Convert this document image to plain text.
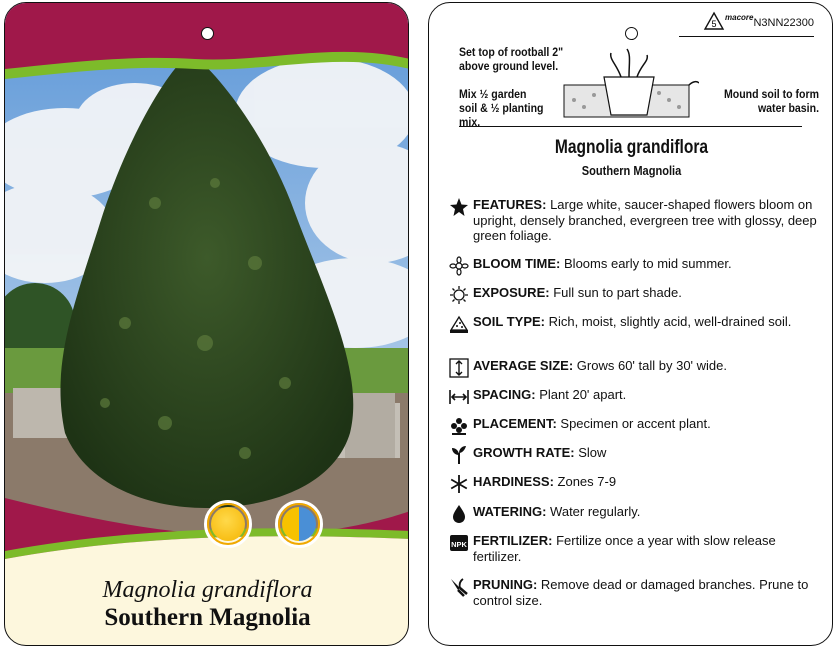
Magnolia grandiflora
Southern Magnolia
5
macore N3NN22300
Set top of rootball 2" above ground level.
Mix ½ garden soil & ½ planting mix.
Mound soil to form water basin.
Magnolia grandiflora
Southern Magnolia
FEATURES: Large white, saucer-shaped flowers bloom on upright, densely branched, evergreen tree with glossy, deep green foliage.
BLOOM TIME: Blooms early to mid summer.
EXPOSURE: Full sun to part shade.
SOIL TYPE: Rich, moist, slightly acid, well-drained soil.
AVERAGE SIZE: Grows 60' tall by 30' wide.
SPACING: Plant 20' apart.
PLACEMENT: Specimen or accent plant.
GROWTH RATE: Slow
HARDINESS: Zones 7-9
WATERING: Water regularly.
NPK FERTILIZER: Fertilize once a year with slow release fertilizer.
PRUNING: Remove dead or damaged branches. Prune to control size.
